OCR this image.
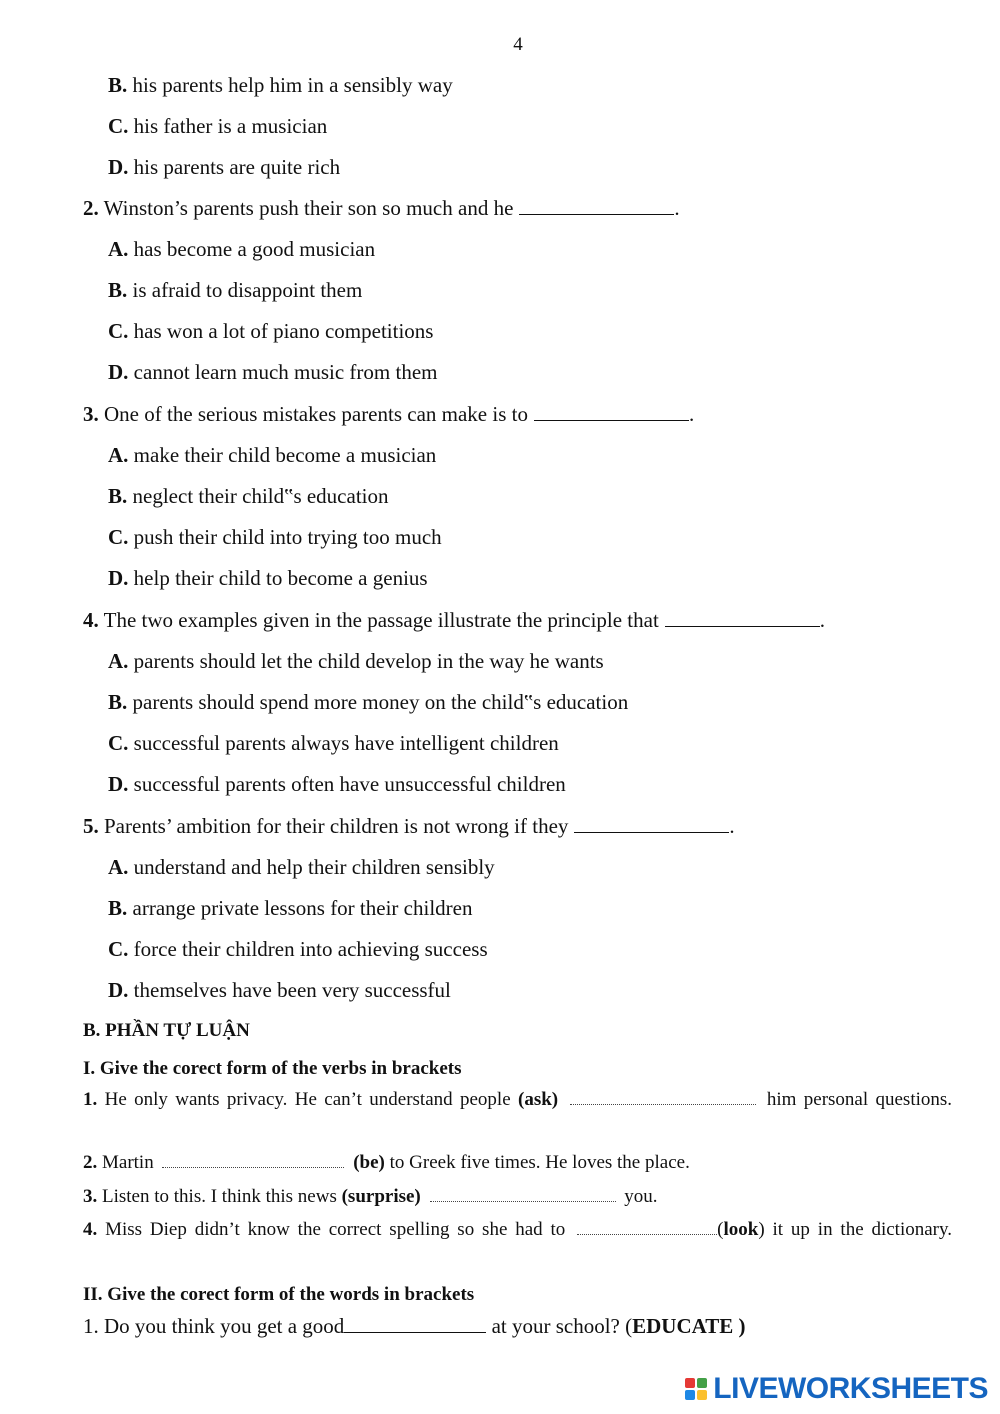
4
B. his parents help him in a sensibly way
C. his father is a musician
D. his parents are quite rich
2. Winston’s parents push their son so much and he	.
A. has become a good musician
B. is afraid to disappoint them
C. has won a lot of piano competitions
D. cannot learn much music from them
3. One of the serious mistakes parents can make is to	.
A. make their child become a musician
B. neglect their child‟s education
C. push their child into trying too much
D. help their child to become a genius
4. The two examples given in the passage illustrate the principle that	.
A. parents should let the child develop in the way he wants
B. parents should spend more money on the child‟s education
C. successful parents always have intelligent children
D. successful parents often have unsuccessful children
5. Parents’ ambition for their children is not wrong if they	.
A. understand and help their children sensibly
B. arrange private lessons for their children
C. force their children into achieving success
D. themselves have been very successful
B. PHẦN TỰ LUẬN
I. Give the corect form of the verbs in brackets
1. He only wants privacy. He can’t understand people (ask)	him personal questions.
2. Martin	(be) to Greek five times. He loves the place.
3. Listen to this. I think this news (surprise)	you.
4. Miss Diep didn’t know the correct spelling so she had to	(look) it up in the dictionary.
II. Give the corect form of the words in brackets
1. Do you think you get a good	at your school? (EDUCATE )
LIVEWORKSHEETS
